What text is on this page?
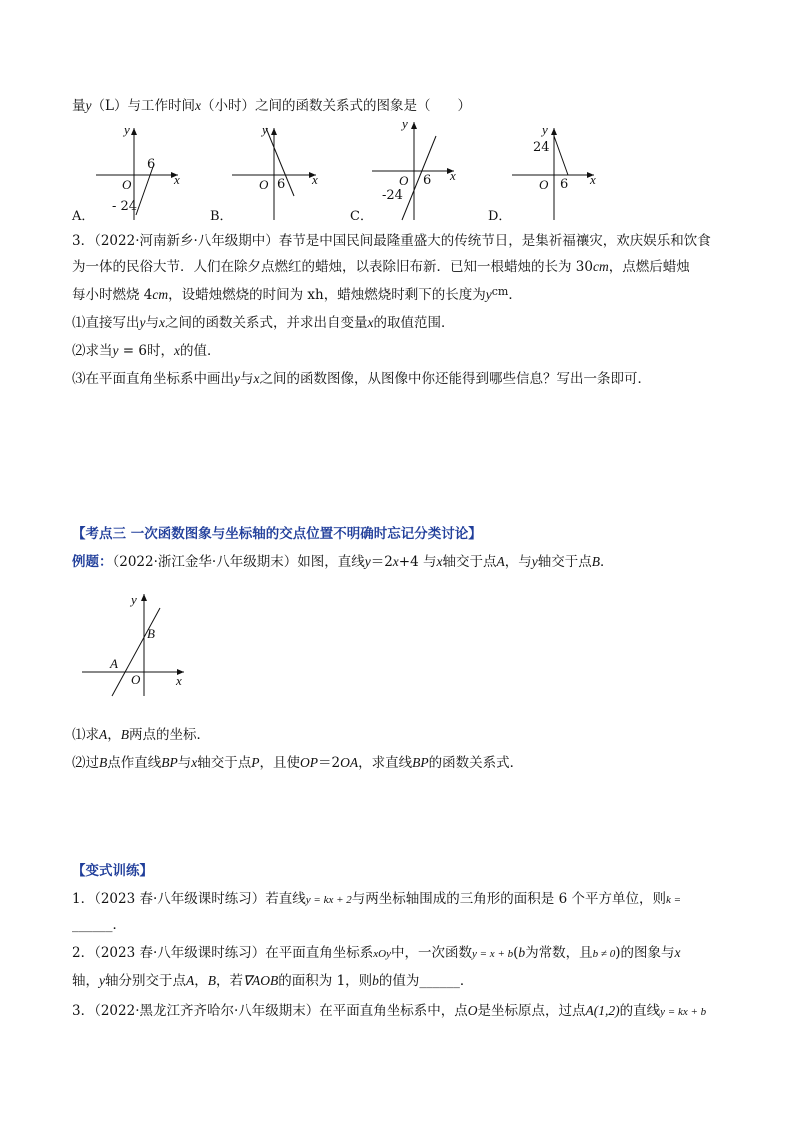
量y（L）与工作时间x（小时）之间的函数关系式的图象是（　　）
y
x
O
6
- 24
A．
y
x
O 6
B．
y
x
O 6
-24
C．
y
x
O
24
6
D．
3．（2022·河南新乡·八年级期中）春节是中国民间最隆重盛大的传统节日，是集祈福禳灾，欢庆娱乐和饮食
为一体的民俗大节．人们在除夕点燃红的蜡烛，以表除旧布新．已知一根蜡烛的长为 30cm，点燃后蜡烛
每小时燃烧 4cm，设蜡烛燃烧的时间为 xh，蜡烛燃烧时剩下的长度为$y^{cm}$．
⑴直接写出y与x之间的函数关系式，并求出自变量x的取值范围．
⑵求当y = 6时，x的值．
⑶在平面直角坐标系中画出y与x之间的函数图像，从图像中你还能得到哪些信息？写出一条即可．
【考点三 一次函数图象与坐标轴的交点位置不明确时忘记分类讨论】
例题：（2022·浙江金华·八年级期末）如图，直线y＝2x+4 与x轴交于点A，与y轴交于点B．
y
x
O
A
B
⑴求A，B两点的坐标．
⑵过B点作直线BP与x轴交于点P，且使OP＝2OA，求直线BP的函数关系式．
【变式训练】
1．（2023 春·八年级课时练习）若直线y = kx + 2与两坐标轴围成的三角形的面积是 6 个平方单位，则k =
______．
2．（2023 春·八年级课时练习）在平面直角坐标系xOy中，一次函数y = x + b(b为常数，且b ≠ 0)的图象与x
轴，y轴分别交于点A，B，若∇AOB的面积为 1，则b的值为______．
3．（2022·黑龙江齐齐哈尔·八年级期末）在平面直角坐标系中，点O是坐标原点，过点A(1,2)的直线y = kx + b
